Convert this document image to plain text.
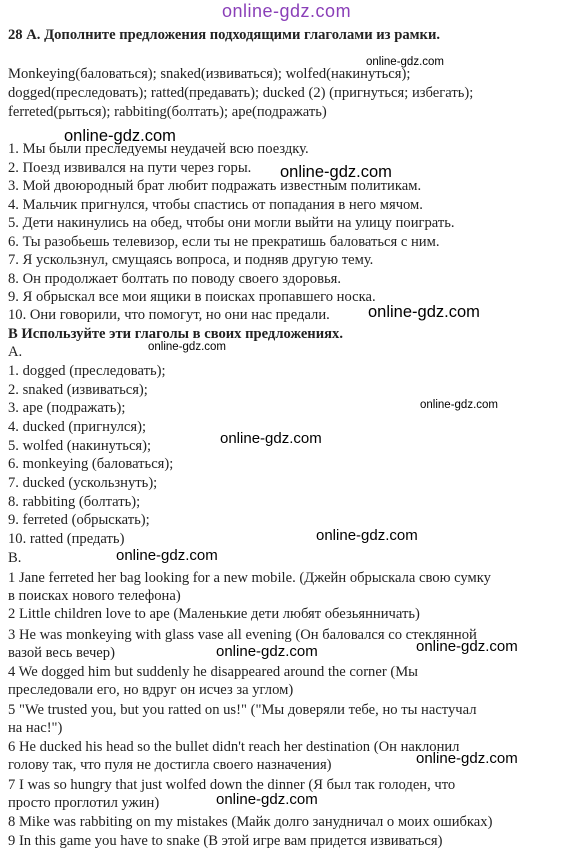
online-gdz.com
28 А. Дополните предложения подходящими глаголами из рамки.
Monkeying(баловаться); snaked(извиваться); wolfed(накинуться);
dogged(преследовать); ratted(предавать); ducked (2) (пригнуться; избегать);
ferreted(рыться); rabbiting(болтать); ape(подражать)
1. Мы были преследуемы неудачей всю поездку.
2. Поезд извивался на пути через горы.
3. Мой двоюродный брат любит подражать известным политикам.
4. Мальчик пригнулся, чтобы спастись от попадания в него мячом.
5. Дети накинулись на обед, чтобы они могли выйти на улицу поиграть.
6. Ты разобьешь телевизор, если ты не прекратишь баловаться с ним.
7. Я ускользнул, смущаясь вопроса, и подняв другую тему.
8. Он продолжает болтать по поводу своего здоровья.
9. Я обрыскал все мои ящики в поисках пропавшего носка.
10. Они говорили, что помогут, но они нас предали.
В Используйте эти глаголы в своих предложениях.
А.
1. dogged (преследовать);
2. snaked (извиваться);
3. ape (подражать);
4. ducked (пригнулся);
5. wolfed (накинуться);
6. monkeying (баловаться);
7. ducked (ускользнуть);
8. rabbiting (болтать);
9. ferreted (обрыскать);
10. ratted (предать)
В.
1 Jane ferreted her bag looking for a new mobile. (Джейн обрыскала свою сумку
в поисках нового телефона)
2 Little children love to ape (Маленькие дети любят обезьянничать)
3 He was monkeying with glass vase all evening (Он баловался со стеклянной
вазой весь вечер)
4 We dogged him but suddenly he disappeared around the corner (Мы
преследовали его, но вдруг он исчез за углом)
5 "We trusted you, but you ratted on us!" ("Мы доверяли тебе, но ты настучал
на нас!")
6 He ducked his head so the bullet didn't reach her destination (Он наклонил
голову так, что пуля не достигла своего назначения)
7 I was so hungry that just wolfed down the dinner (Я был так голоден, что
просто проглотил ужин)
8 Mike was rabbiting on my mistakes (Майк долго занудничал о моих ошибках)
9 In this game you have to snake (В этой игре вам придется извиваться)
online-gdz.com
online-gdz.com
online-gdz.com
online-gdz.com
online-gdz.com
online-gdz.com
online-gdz.com
online-gdz.com
online-gdz.com
online-gdz.com	online-gdz.com
online-gdz.com
online-gdz.com
